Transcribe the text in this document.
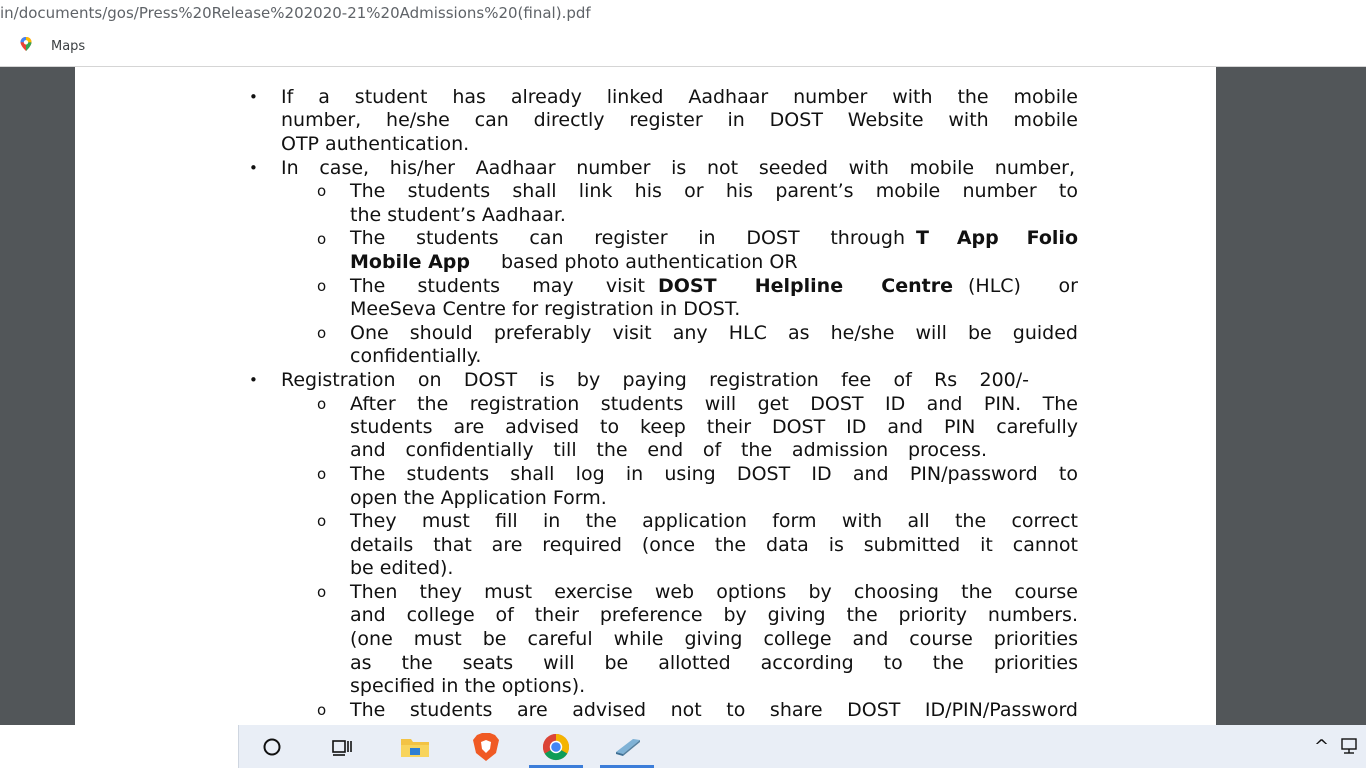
in/documents/gos/Press%20Release%202020-21%20Admissions%20(final).pdf
Maps
•
•
•
o
o
o
o
o
o
o
o
o
If a student has already linked Aadhaar number with the mobile
number, he/she can directly register in DOST Website with mobile
OTP authentication.
In case, his/her Aadhaar number is not seeded with mobile number,
The students shall link his or his parent’s mobile number to
the student’s Aadhaar.
The students can register in DOST through T App Folio
Mobile App based photo authentication OR
The students may visit DOST Helpline Centre (HLC) or
MeeSeva Centre for registration in DOST.
One should preferably visit any HLC as he/she will be guided
confidentially.
Registration on DOST is by paying registration fee of Rs 200/-
After the registration students will get DOST ID and PIN. The
students are advised to keep their DOST ID and PIN carefully
and confidentially till the end of the admission process.
The students shall log in using DOST ID and PIN/password to
open the Application Form.
They must fill in the application form with all the correct
details that are required (once the data is submitted it cannot
be edited).
Then they must exercise web options by choosing the course
and college of their preference by giving the priority numbers.
(one must be careful while giving college and course priorities
as the seats will be allotted according to the priorities
specified in the options).
The students are advised not to share DOST ID/PIN/Password
^
